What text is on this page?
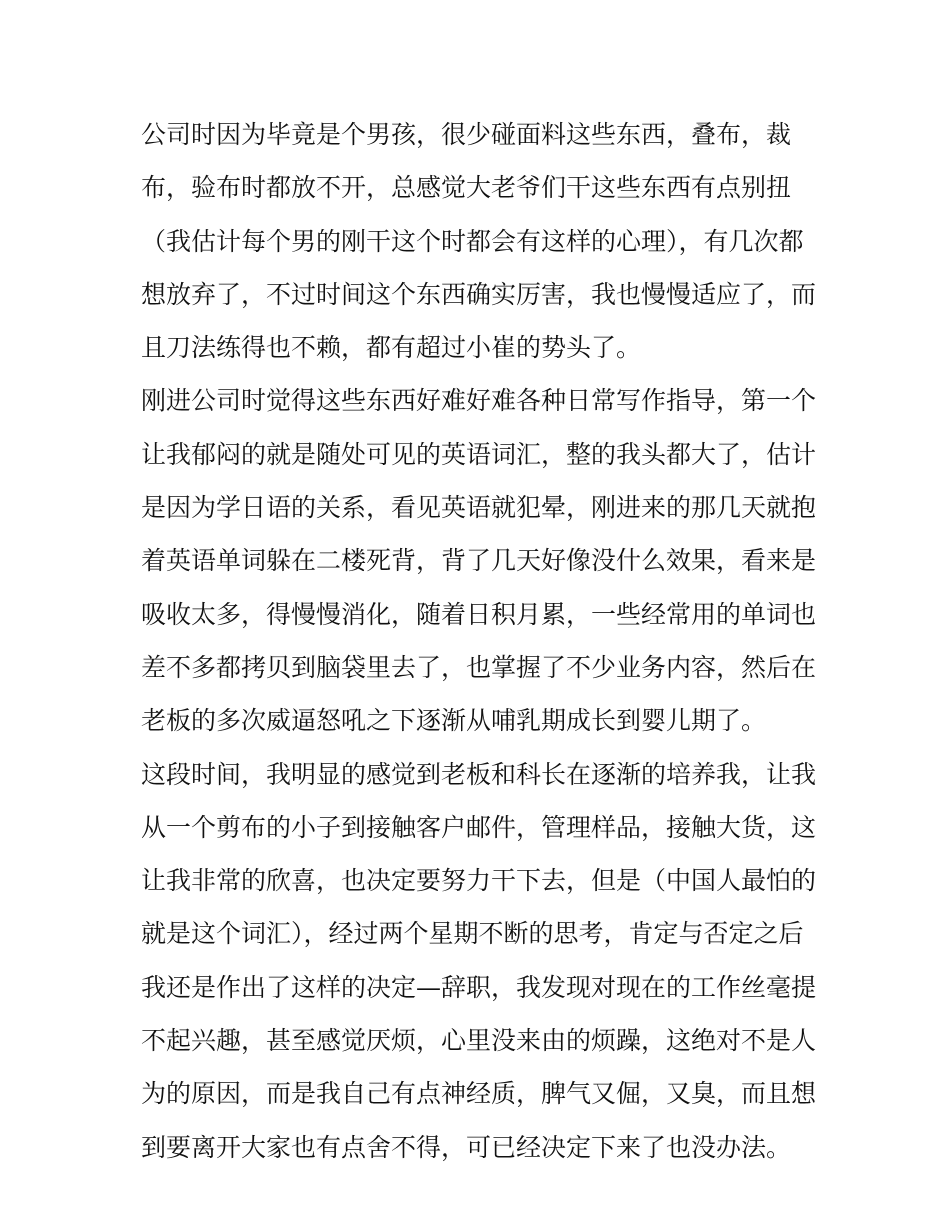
公司时因为毕竟是个男孩，很少碰面料这些东西，叠布，裁
布，验布时都放不开，总感觉大老爷们干这些东西有点别扭
（我估计每个男的刚干这个时都会有这样的心理），有几次都
想放弃了，不过时间这个东西确实厉害，我也慢慢适应了，而
且刀法练得也不赖，都有超过小崔的势头了。
刚进公司时觉得这些东西好难好难各种日常写作指导，第一个
让我郁闷的就是随处可见的英语词汇，整的我头都大了，估计
是因为学日语的关系，看见英语就犯晕，刚进来的那几天就抱
着英语单词躲在二楼死背，背了几天好像没什么效果，看来是
吸收太多，得慢慢消化，随着日积月累，一些经常用的单词也
差不多都拷贝到脑袋里去了，也掌握了不少业务内容，然后在
老板的多次威逼怒吼之下逐渐从哺乳期成长到婴儿期了。
这段时间，我明显的感觉到老板和科长在逐渐的培养我，让我
从一个剪布的小子到接触客户邮件，管理样品，接触大货，这
让我非常的欣喜，也决定要努力干下去，但是（中国人最怕的
就是这个词汇），经过两个星期不断的思考，肯定与否定之后
我还是作出了这样的决定—辞职，我发现对现在的工作丝毫提
不起兴趣，甚至感觉厌烦，心里没来由的烦躁，这绝对不是人
为的原因，而是我自己有点神经质，脾气又倔，又臭，而且想
到要离开大家也有点舍不得，可已经决定下来了也没办法。
